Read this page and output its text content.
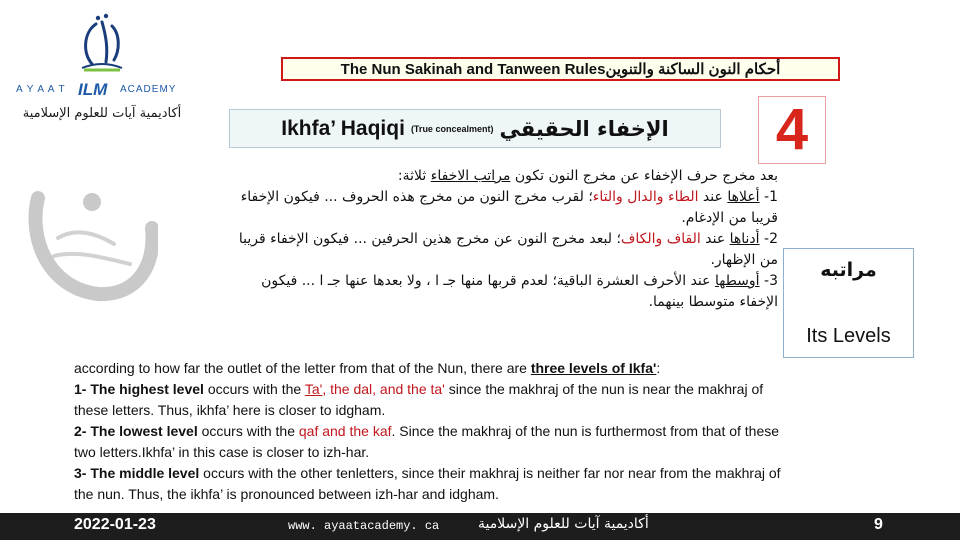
A Y A A T ILM ACADEMY
أكاديمية آيات للعلوم الإسلامية
The Nun Sakinah and Tanween Rules أحكام النون الساكنة والتنوين
Ikhfa’ Haqiqi (True concealment) الإخفاء الحقيقي	4

بعد مخرج حرف الإخفاء عن مخرج النون تكون مراتب الاخفاء ثلاثة:

1- أعلاها عند الطاء والدال والتاء؛ لقرب مخرج النون من مخرج هذه الحروف ... فيكون الإخفاء

قريبا من الإدغام.

2- أدناها عند القاف والكاف؛ لبعد مخرج النون عن مخرج هذين الحرفين ... فيكون الإخفاء قريبا

من الإظهار.

3- أوسطها عند الأحرف العشرة الباقية؛ لعدم قربها منها جـ ا ، ولا بعدها عنها جـ ا ... فيكون

الإخفاء متوسطا بينهما.

مراتبه
Its Levels

according to how far the outlet of the letter from that of the Nun, there are three levels of Ikfa':

1- The highest level occurs with the Ta', the dal, and the ta' since the makhraj of the nun is near the makhraj of these letters. Thus, ikhfa’ here is closer to idgham.

2- The lowest level occurs with the qaf and the kaf. Since the makhraj of the nun is furthermost from that of these two letters.Ikhfa’ in this case is closer to izh-har.

3- The middle level occurs with the other tenletters, since their makhraj is neither far nor near from the makhraj of the nun. Thus, the ikhfa’ is pronounced between izh-har and idgham.

2022-01-23	www. ayaatacademy. ca	أكاديمية آيات للعلوم الإسلامية	9
